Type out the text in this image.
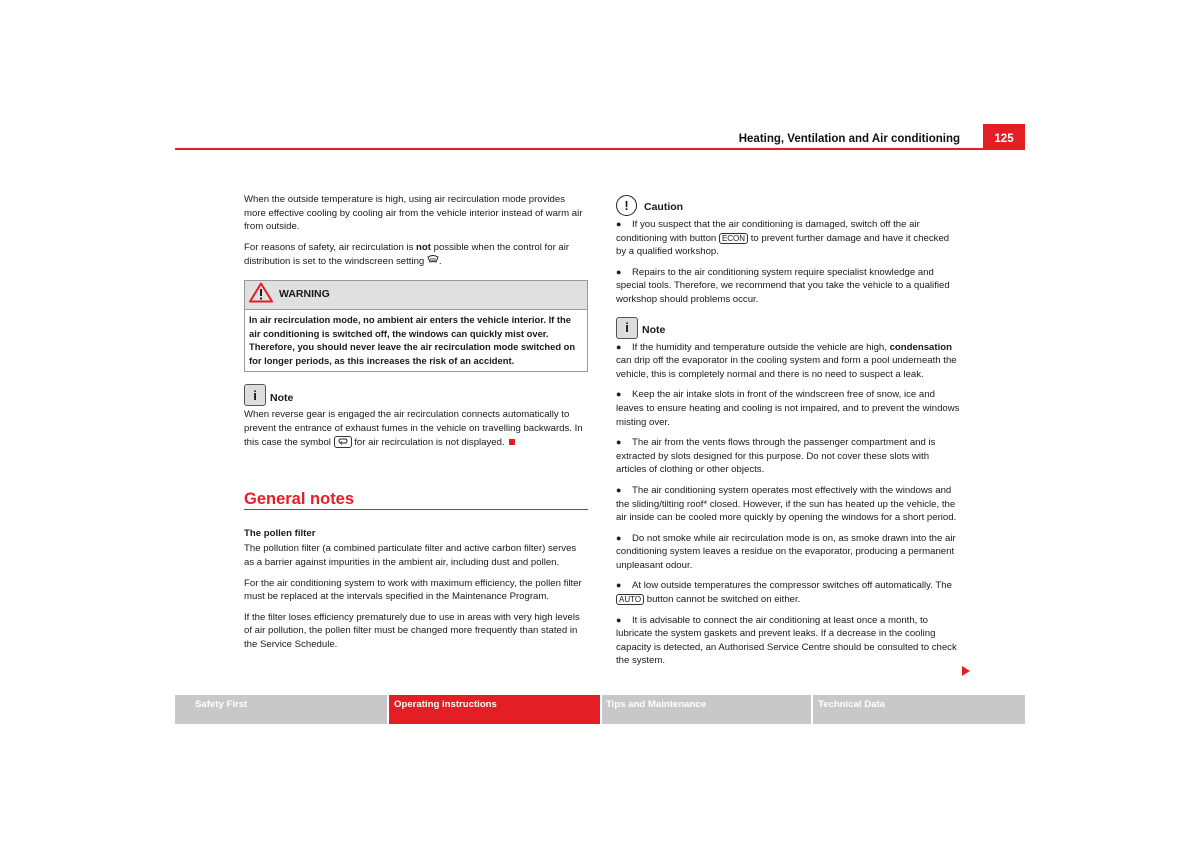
Heating, Ventilation and Air conditioning	125

When the outside temperature is high, using air recirculation mode provides more effective cooling by cooling air from the vehicle interior instead of warm air from outside.

For reasons of safety, air recirculation is not possible when the control for air distribution is set to the windscreen setting .

WARNING
In air recirculation mode, no ambient air enters the vehicle interior. If the air conditioning is switched off, the windows can quickly mist over. Therefore, you should never leave the air recirculation mode switched on for longer periods, as this increases the risk of an accident.
i	Note

When reverse gear is engaged the air recirculation connects automatically to prevent the entrance of exhaust fumes in the vehicle on travelling backwards. In this case the symbol  for air recirculation is not displayed.

General notes
The pollen filter

The pollution filter (a combined particulate filter and active carbon filter) serves as a barrier against impurities in the ambient air, including dust and pollen.

For the air conditioning system to work with maximum efficiency, the pollen filter must be replaced at the intervals specified in the Maintenance Program.

If the filter loses efficiency prematurely due to use in areas with very high levels of air pollution, the pollen filter must be changed more frequently than stated in the Service Schedule.

!	Caution

● If you suspect that the air conditioning is damaged, switch off the air conditioning with button ECON to prevent further damage and have it checked by a qualified workshop.

● Repairs to the air conditioning system require specialist knowledge and special tools. Therefore, we recommend that you take the vehicle to a qualified workshop should problems occur.

i	Note

● If the humidity and temperature outside the vehicle are high, condensation can drip off the evaporator in the cooling system and form a pool underneath the vehicle, this is completely normal and there is no need to suspect a leak.

● Keep the air intake slots in front of the windscreen free of snow, ice and leaves to ensure heating and cooling is not impaired, and to prevent the windows misting over.

● The air from the vents flows through the passenger compartment and is extracted by slots designed for this purpose. Do not cover these slots with articles of clothing or other objects.

● The air conditioning system operates most effectively with the windows and the sliding/tilting roof* closed. However, if the sun has heated up the vehicle, the air inside can be cooled more quickly by opening the windows for a short period.

● Do not smoke while air recirculation mode is on, as smoke drawn into the air conditioning system leaves a residue on the evaporator, producing a permanent unpleasant odour.

● At low outside temperatures the compressor switches off automatically. The AUTO button cannot be switched on either.

● It is advisable to connect the air conditioning at least once a month, to lubricate the system gaskets and prevent leaks. If a decrease in the cooling capacity is detected, an Authorised Service Centre should be consulted to check the system.

Safety First	Operating instructions	Tips and Maintenance	Technical Data
